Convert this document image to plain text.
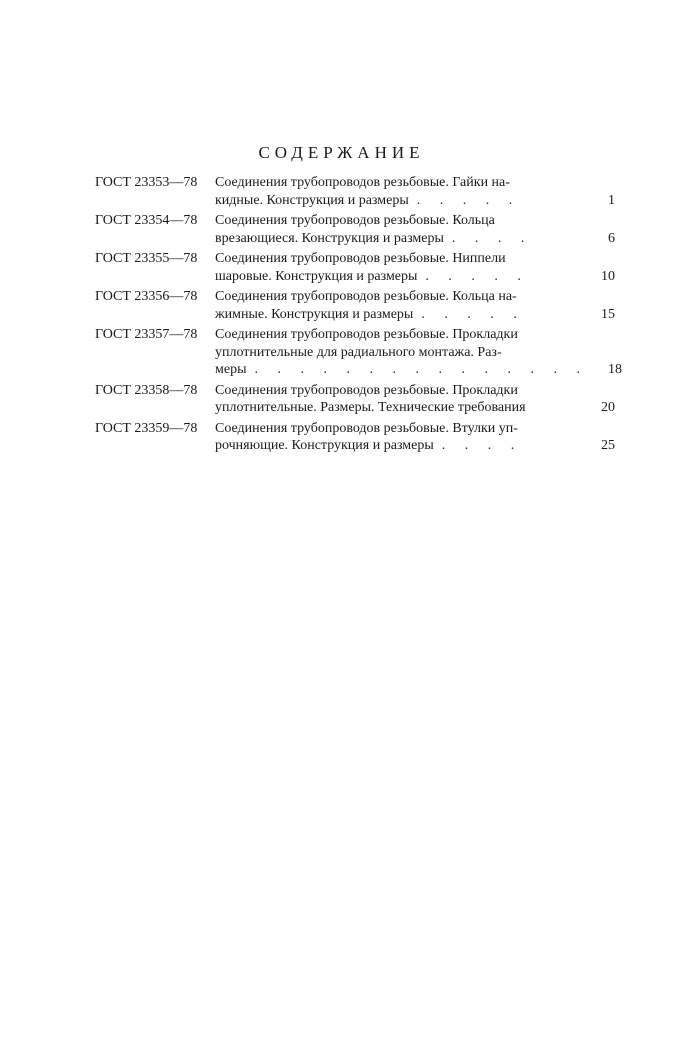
СОДЕРЖАНИЕ
ГОСТ 23353—78	Соединения трубопроводов резьбовые. Гайки на-
кидные. Конструкция и размеры . . . . .	1
ГОСТ 23354—78	Соединения трубопроводов резьбовые. Кольца
врезающиеся. Конструкция и размеры . . . .	6
ГОСТ 23355—78	Соединения трубопроводов резьбовые. Ниппели
шаровые. Конструкция и размеры . . . . .	10
ГОСТ 23356—78	Соединения трубопроводов резьбовые. Кольца на-
жимные. Конструкция и размеры . . . . .	15
ГОСТ 23357—78	Соединения трубопроводов резьбовые. Прокладки
уплотнительные для радиального монтажа. Раз-
меры . . . . . . . . . . . . . . .	18
ГОСТ 23358—78	Соединения трубопроводов резьбовые. Прокладки
уплотнительные. Размеры. Технические требования	20
ГОСТ 23359—78	Соединения трубопроводов резьбовые. Втулки уп-
рочняющие. Конструкция и размеры . . . .	25
